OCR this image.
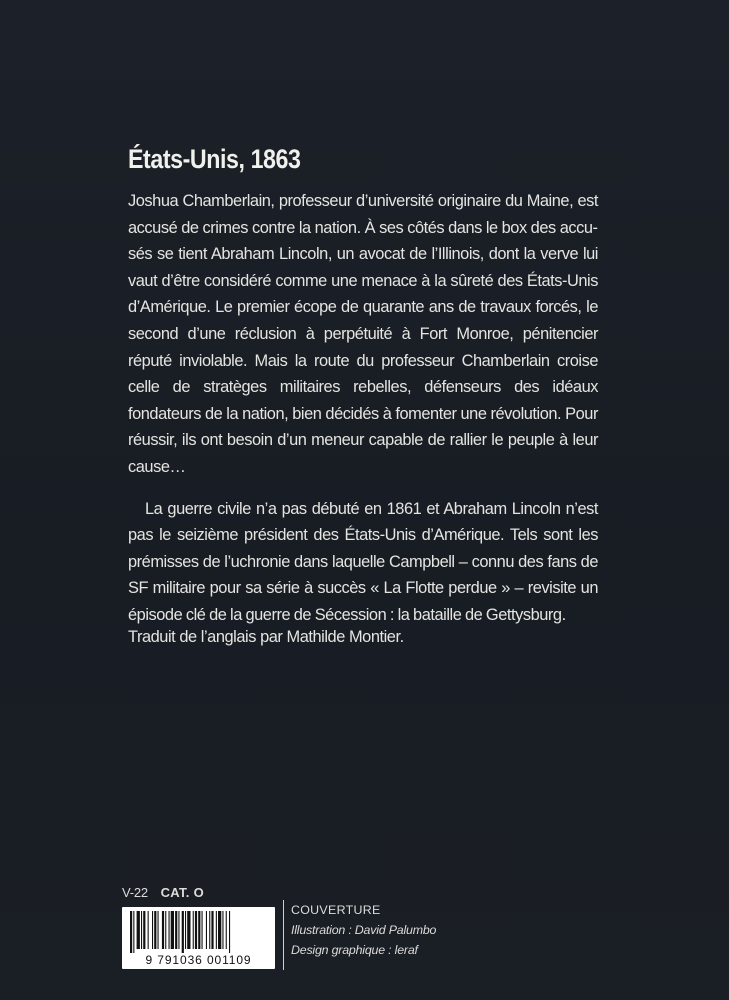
États-Unis, 1863

Joshua Chamberlain, professeur d’université originaire du Maine, est accusé de crimes contre la nation. À ses côtés dans le box des accusés se tient Abraham Lincoln, un avocat de l’Illinois, dont la verve lui vaut d’être considéré comme une menace à la sûreté des États-Unis d’Amérique. Le premier écope de quarante ans de travaux forcés, le second d’une réclusion à perpétuité à Fort Monroe, pénitencier réputé inviolable. Mais la route du professeur Chamberlain croise celle de stratèges militaires rebelles, défenseurs des idéaux fondateurs de la nation, bien décidés à fomenter une révolution. Pour réussir, ils ont besoin d’un meneur capable de rallier le peuple à leur cause…

La guerre civile n’a pas débuté en 1861 et Abraham Lincoln n’est pas le seizième président des États-Unis d’Amérique. Tels sont les prémisses de l’uchronie dans laquelle Campbell – connu des fans de SF militaire pour sa série à succès « La Flotte perdue » – revisite un épisode clé de la guerre de Sécession : la bataille de Gettysburg.

Traduit de l’anglais par Mathilde Montier.

V-22 CAT. O
9 791036 001109
COUVERTURE
Illustration : David Palumbo
Design graphique : leraf
